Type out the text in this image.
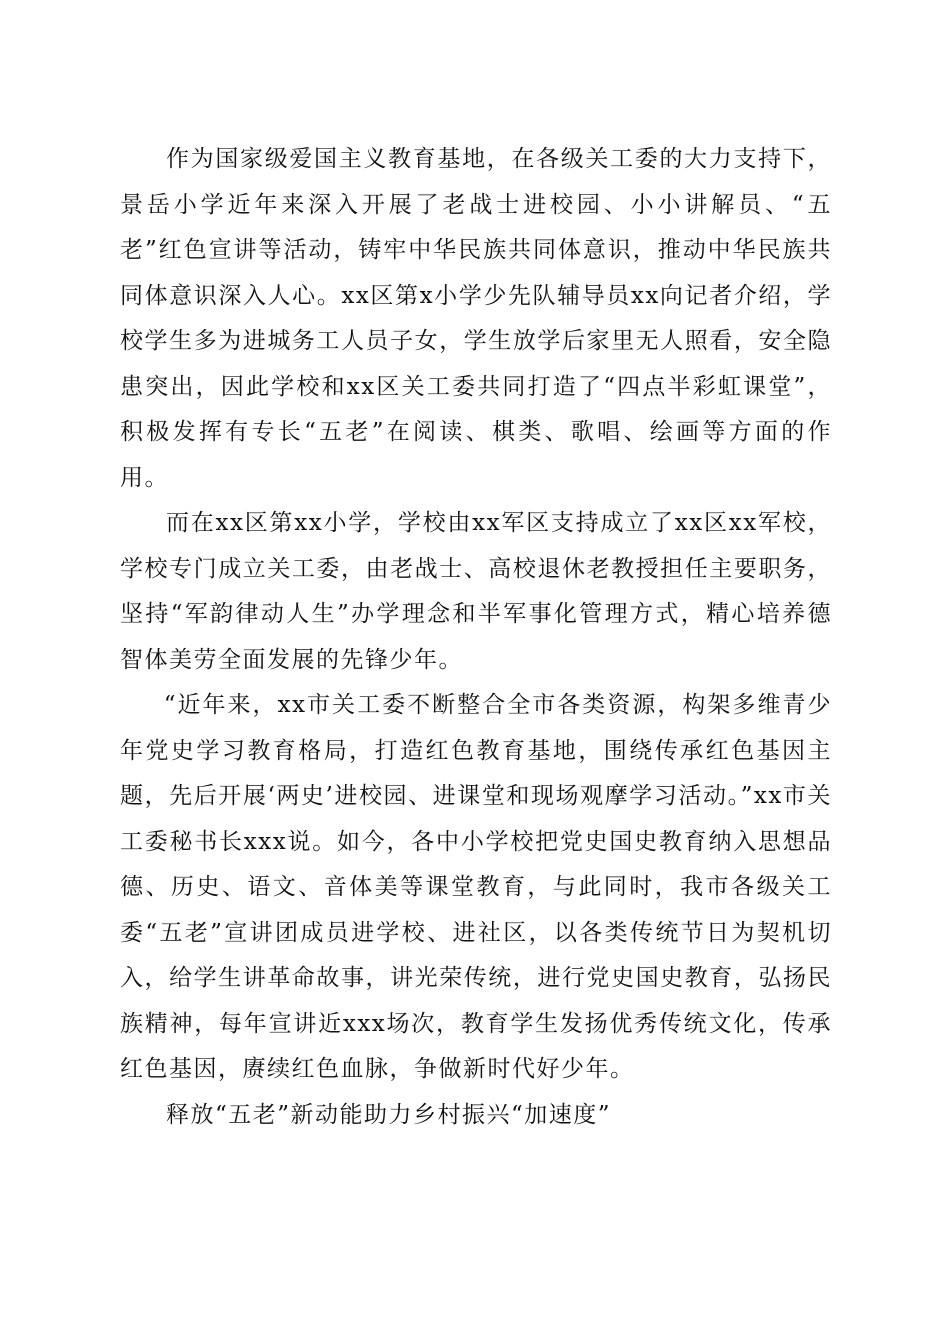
作为国家级爱国主义教育基地，在各级关工委的大力支持下，景岳小学近年来深入开展了老战士进校园、小小讲解员、“五老”红色宣讲等活动，铸牢中华民族共同体意识，推动中华民族共同体意识深入人心。xx区第x小学少先队辅导员xx向记者介绍，学校学生多为进城务工人员子女，学生放学后家里无人照看，安全隐患突出，因此学校和xx区关工委共同打造了“四点半彩虹课堂”，积极发挥有专长“五老”在阅读、棋类、歌唱、绘画等方面的作用。

而在xx区第xx小学，学校由xx军区支持成立了xx区xx军校，学校专门成立关工委，由老战士、高校退休老教授担任主要职务，坚持“军韵律动人生”办学理念和半军事化管理方式，精心培养德智体美劳全面发展的先锋少年。

“近年来，xx市关工委不断整合全市各类资源，构架多维青少年党史学习教育格局，打造红色教育基地，围绕传承红色基因主题，先后开展‘两史’进校园、进课堂和现场观摩学习活动。”xx市关工委秘书长xxx说。如今，各中小学校把党史国史教育纳入思想品德、历史、语文、音体美等课堂教育，与此同时，我市各级关工委“五老”宣讲团成员进学校、进社区，以各类传统节日为契机切入，给学生讲革命故事，讲光荣传统，进行党史国史教育，弘扬民族精神，每年宣讲近xxx场次，教育学生发扬优秀传统文化，传承红色基因，赓续红色血脉，争做新时代好少年。

释放“五老”新动能助力乡村振兴“加速度”
